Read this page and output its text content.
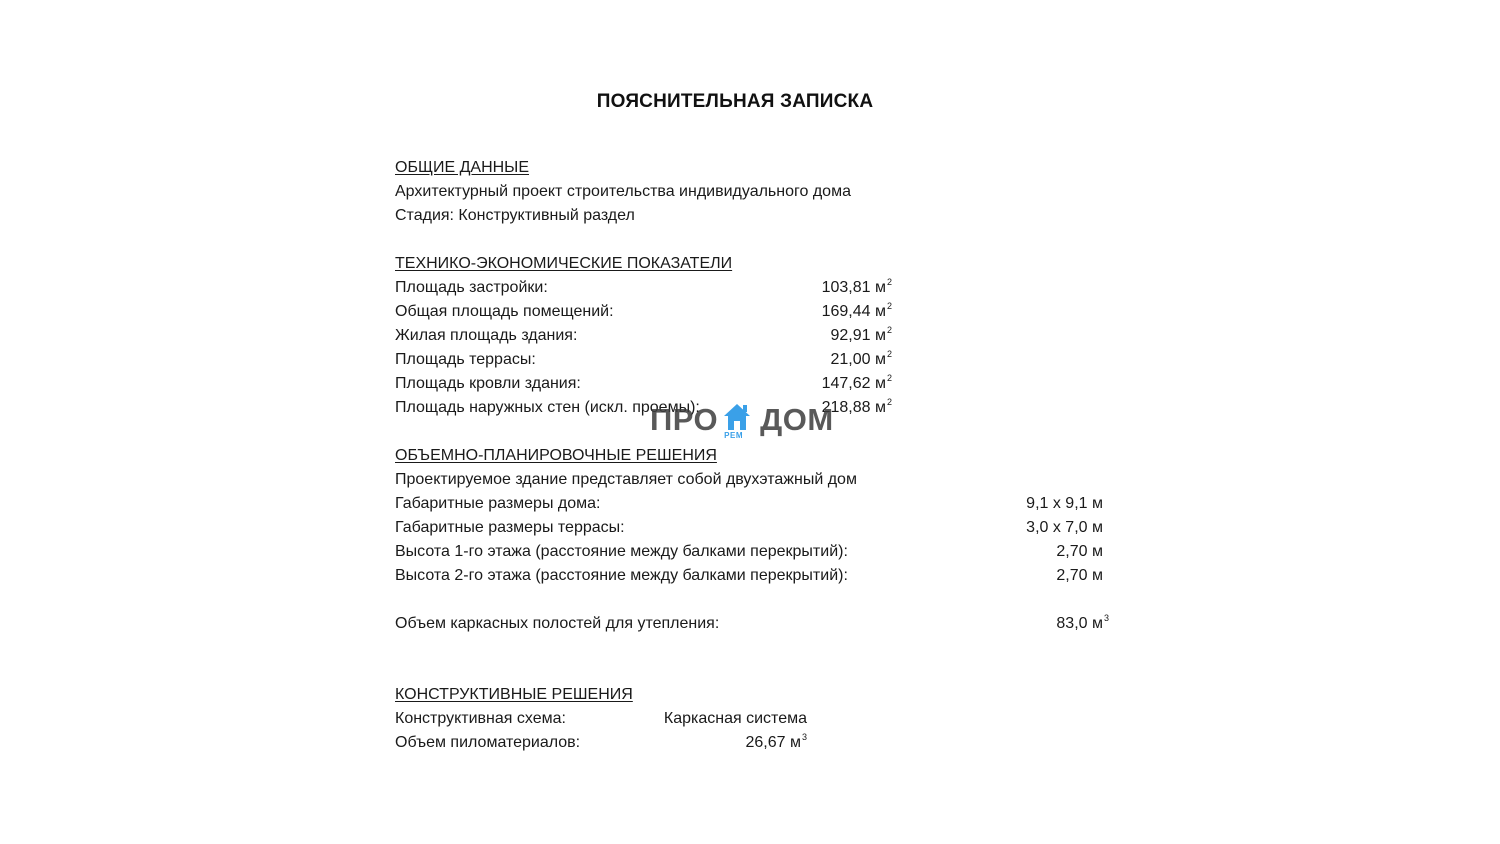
ПОЯСНИТЕЛЬНАЯ ЗАПИСКА
ОБЩИЕ ДАННЫЕ
Архитектурный проект строительства индивидуального дома
Стадия: Конструктивный раздел
ТЕХНИКО-ЭКОНОМИЧЕСКИЕ ПОКАЗАТЕЛИ
Площадь застройки:	103,81 $м^2$
Общая площадь помещений:	169,44 $м^2$
Жилая площадь здания:	92,91 $м^2$
Площадь террасы:	21,00 $м^2$
Площадь кровли здания:	147,62 $м^2$
Площадь наружных стен (искл. проемы):	218,88 $м^2$
ПРО РЕМ ДОМ
ОБЪЕМНО-ПЛАНИРОВОЧНЫЕ РЕШЕНИЯ
Проектируемое здание представляет собой двухэтажный дом
Габаритные размеры дома:	9,1 x 9,1 м
Габаритные размеры террасы:	3,0 x 7,0 м
Высота 1-го этажа (расстояние между балками перекрытий):	2,70 м
Высота 2-го этажа (расстояние между балками перекрытий):	2,70 м
Объем каркасных полостей для утепления:	83,0 $м^3$
КОНСТРУКТИВНЫЕ РЕШЕНИЯ
Конструктивная схема:	Каркасная система
Объем пиломатериалов:	26,67 $м^3$
